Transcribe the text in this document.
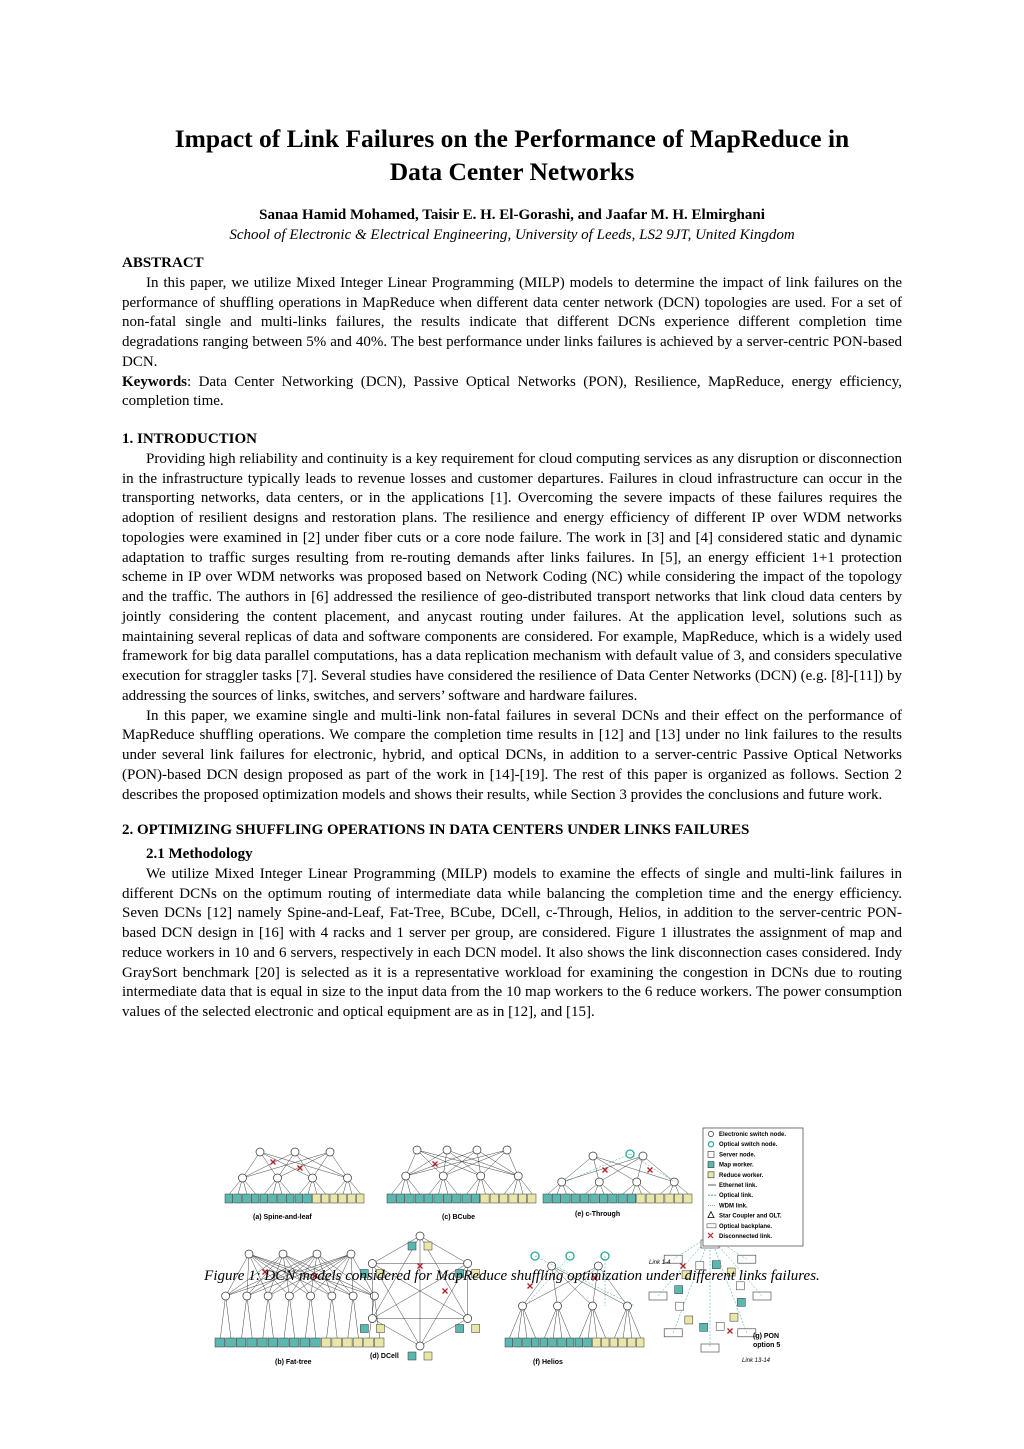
Impact of Link Failures on the Performance of MapReduce in
Data Center Networks
Sanaa Hamid Mohamed, Taisir E. H. El-Gorashi, and Jaafar M. H. Elmirghani
School of Electronic & Electrical Engineering, University of Leeds, LS2 9JT, United Kingdom

ABSTRACT

In this paper, we utilize Mixed Integer Linear Programming (MILP) models to determine the impact of link failures on the performance of shuffling operations in MapReduce when different data center network (DCN) topologies are used. For a set of non-fatal single and multi-links failures, the results indicate that different DCNs experience different completion time degradations ranging between 5% and 40%. The best performance under links failures is achieved by a server-centric PON-based DCN.

Keywords: Data Center Networking (DCN), Passive Optical Networks (PON), Resilience, MapReduce, energy efficiency, completion time.

1. INTRODUCTION

Providing high reliability and continuity is a key requirement for cloud computing services as any disruption or disconnection in the infrastructure typically leads to revenue losses and customer departures. Failures in cloud infrastructure can occur in the transporting networks, data centers, or in the applications [1]. Overcoming the severe impacts of these failures requires the adoption of resilient designs and restoration plans. The resilience and energy efficiency of different IP over WDM networks topologies were examined in [2] under fiber cuts or a core node failure. The work in [3] and [4] considered static and dynamic adaptation to traffic surges resulting from re-routing demands after links failures. In [5], an energy efficient 1+1 protection scheme in IP over WDM networks was proposed based on Network Coding (NC) while considering the impact of the topology and the traffic. The authors in [6] addressed the resilience of geo-distributed transport networks that link cloud data centers by jointly considering the content placement, and anycast routing under failures. At the application level, solutions such as maintaining several replicas of data and software components are considered. For example, MapReduce, which is a widely used framework for big data parallel computations, has a data replication mechanism with default value of 3, and considers speculative execution for straggler tasks [7]. Several studies have considered the resilience of Data Center Networks (DCN) (e.g. [8]-[11]) by addressing the sources of links, switches, and servers’ software and hardware failures.

In this paper, we examine single and multi-link non-fatal failures in several DCNs and their effect on the performance of MapReduce shuffling operations. We compare the completion time results in [12] and [13] under no link failures to the results under several link failures for electronic, hybrid, and optical DCNs, in addition to a server-centric Passive Optical Networks (PON)-based DCN design proposed as part of the work in [14]-[19]. The rest of this paper is organized as follows. Section 2 describes the proposed optimization models and shows their results, while Section 3 provides the conclusions and future work.

2. OPTIMIZING SHUFFLING OPERATIONS IN DATA CENTERS UNDER LINKS FAILURES

2.1 Methodology

We utilize Mixed Integer Linear Programming (MILP) models to examine the effects of single and multi-link failures in different DCNs on the optimum routing of intermediate data while balancing the completion time and the energy efficiency. Seven DCNs [12] namely Spine-and-Leaf, Fat-Tree, BCube, DCell, c-Through, Helios, in addition to the server-centric PON-based DCN design in [16] with 4 racks and 1 server per group, are considered. Figure 1 illustrates the assignment of map and reduce workers in 10 and 6 servers, respectively in each DCN model. It also shows the link disconnection cases considered. Indy GraySort benchmark [20] is selected as it is a representative workload for examining the congestion in DCNs due to routing intermediate data that is equal in size to the input data from the 10 map workers to the 6 reduce workers. The power consumption values of the selected electronic and optical equipment are as in [12], and [15].

Electronic switch node.
Optical switch node.
Server node.
Map worker.
Reduce worker.
Ethernet link.
Optical link.
WDM link.
Star Coupler and OLT.
Optical backplane.
Disconnected link.
(a) Spine-and-leaf	(c) BCube	(e) c-Through
(b) Fat-tree
(d) DCell
(f) Helios
(g) PON
option 5
Link 1-4
Link 13-14
Figure 1: DCN models considered for MapReduce shuffling optimization under different links failures.
